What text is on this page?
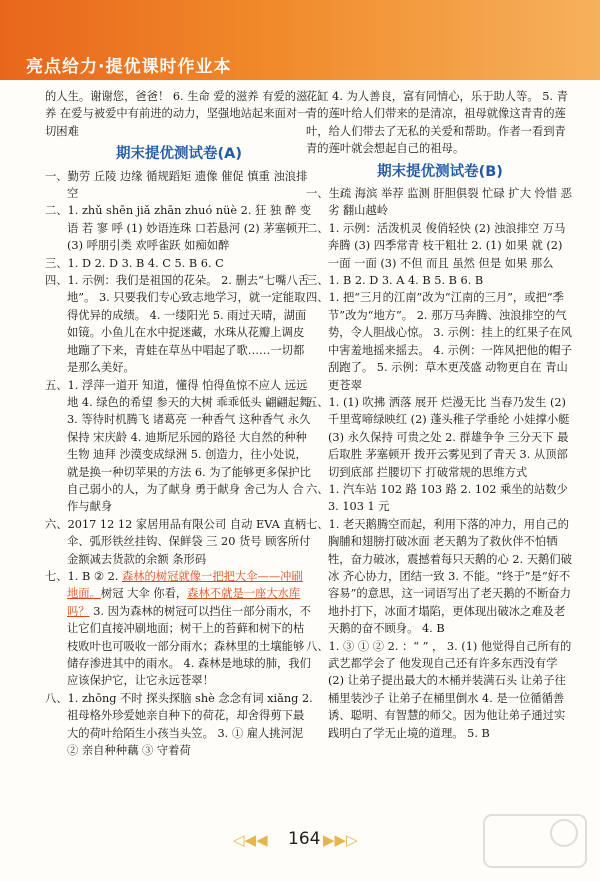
亮点给力·提优课时作业本

的人生。谢谢您，爸爸！ 6. 生命 爱的滋养 有爱的滋养 在爱与被爱中有前进的动力，坚强地站起来面对一切困难

期末提优测试卷(A)

一、勤劳 丘陵 边缘 循规蹈矩 遗像 催促 慎重 浊浪排空

二、1. zhǔ shēn jiǎ zhān zhuó nüè 2. 狂 独 醉 变 语 若 寥 呼 (1) 妙语连珠 口若悬河 (2) 茅塞顿开 (3) 呼朋引类 欢呼雀跃 如痴如醉

三、1. D 2. D 3. B 4. C 5. B 6. C

四、1. 示例：我们是祖国的花朵。 2. 删去“七嘴八舌地”。 3. 只要我们专心致志地学习，就一定能取得优异的成绩。 4. 一缕阳光 5. 雨过天晴，湖面如镜。小鱼儿在水中捉迷藏，水珠从花瓣上调皮地蹦了下来，青蛙在草丛中唱起了歌……一切都是那么美好。

五、1. 浮萍一道开 知道，懂得 怕得鱼惊不应人 远远地 4. 绿色的希望 参天的大树 乖乖低头 翩翩起舞 3. 等待时机腾飞 诸葛亮 一种香气 这种香气 永久保持 宋庆龄 4. 迪斯尼乐园的路径 大自然的种种生物 迪拜 沙漠变成绿洲 5. 创造力，往小处说，就是换一种切苹果的方法 6. 为了能够更多保护比自己弱小的人，为了献身 勇于献身 舍己为人 合作与献身

六、2017 12 12 家居用品有限公司 自动 EVA 直柄伞、弧形铁丝挂钩、保鲜袋 三 20 货号 顾客所付金额减去货款的余额 条形码

七、1. B ② 2. 森林的树冠就像一把把大伞——冲刷地面。树冠 大伞 你看，森林不就是一座大水库吗？ 3. 因为森林的树冠可以挡住一部分雨水，不让它们直接冲刷地面；树干上的苔藓和树下的枯枝败叶也可吸收一部分雨水；森林里的土壤能够储存渗进其中的雨水。 4. 森林是地球的肺，我们应该保护它，让它永远苍翠！

八、1. zhōng 不时 探头探脑 shè 念念有词 xiǎng 2. 祖母格外珍爱她亲自种下的荷花，却舍得剪下最大的荷叶给陌生小孩当头笠。 3. ① 雇人挑河泥 ② 亲自种种藕 ③ 守着荷

花缸 4. 为人善良，富有同情心，乐于助人等。 5. 青青的莲叶给人们带来的是清凉，祖母就像这青青的莲叶，给人们带去了无私的关爱和帮助。作者一看到青青的莲叶就会想起自己的祖母。

期末提优测试卷(B)

一、生疏 海滨 举荐 监测 肝胆俱裂 忙碌 扩大 怜惜 恶劣 翻山越岭

二、1. 示例：活泼机灵 俊俏轻快 (2) 浊浪排空 万马奔腾 (3) 四季常青 枝干粗壮 2. (1) 如果 就 (2) 一面 一面 (3) 不但 而且 虽然 但是 如果 那么

三、1. B 2. D 3. A 4. B 5. B 6. B

四、1. 把“三月的江南”改为“江南的三月”，或把“季节”改为“地方”。 2. 那万马奔腾、浊浪排空的气势，令人胆战心惊。 3. 示例：挂上的红果子在风中害羞地摇来摇去。 4. 示例：一阵风把他的帽子刮跑了。 5. 示例：草木更茂盛 动物更自在 青山更苍翠

五、1. (1) 吹拂 洒落 展开 烂漫无比 当春乃发生 (2) 千里莺啼绿映红 (2) 蓬头稚子学垂纶 小娃撑小艇 (3) 永久保持 可贵之处 2. 群雄争争 三分天下 最后取胜 茅塞顿开 拨开云雾见到了青天 3. 从顶部切到底部 拦腰切下 打破常规的思维方式

六、1. 汽车站 102 路 103 路 2. 102 乘坐的站数少 3. 103 1 元

七、1. 老天鹅腾空而起，利用下落的冲力，用自己的胸脯和翅膀打破冰面 老天鹅为了救伙伴不怕牺牲，奋力破冰，震撼着每只天鹅的心 2. 天鹅们破冰 齐心协力，团结一致 3. 不能。“终于”是“好不容易”的意思，这一词语写出了老天鹅的不断奋力地扑打下，冰面才塌陷，更体现出破冰之难及老天鹅的奋不顾身。 4. B

八、1. ③ ① ② 2. ：“ ” ， 3. (1) 他觉得自己所有的武艺都学会了 他发现自己还有许多东西没有学 (2) 让弟子提出最大的木桶并装满石头 让弟子往桶里装沙子 让弟子在桶里倒水 4. 是一位循循善诱、聪明、有智慧的师父。因为他让弟子通过实践明白了学无止境的道理。 5. B

◁◀◀ 164 ▶▶▷
